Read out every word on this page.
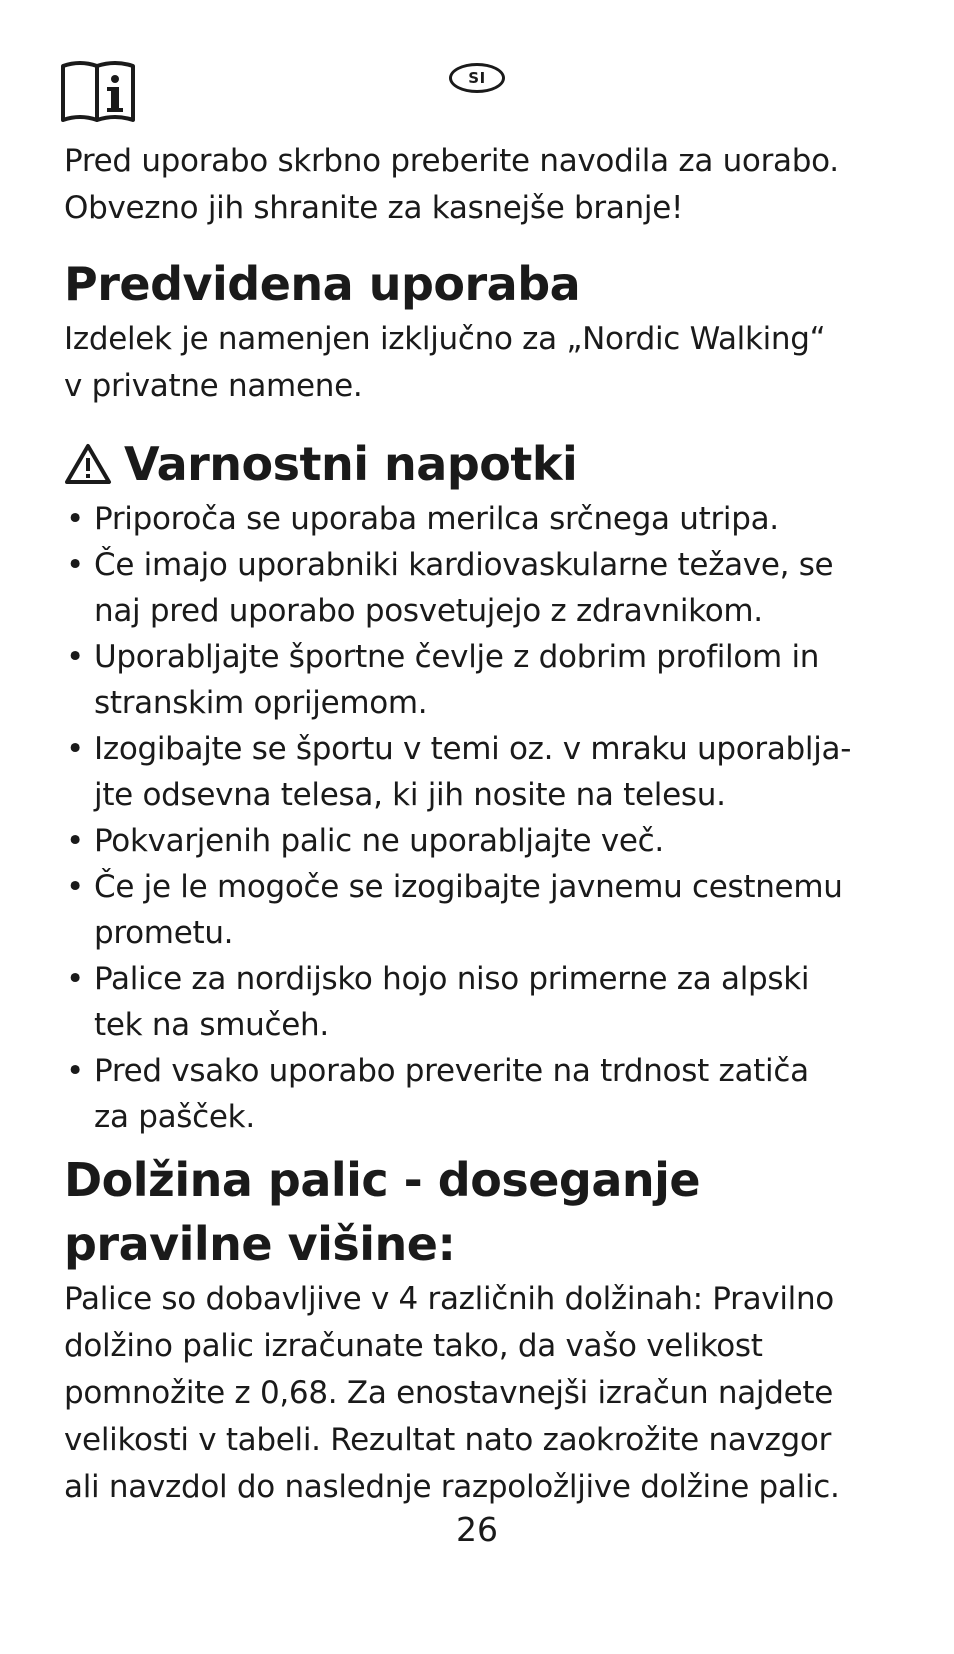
SI

Pred uporabo skrbno preberite navodila za uorabo.

Obvezno jih shranite za kasnejše branje!

Predvidena uporaba

Izdelek je namenjen izključno za „Nordic Walking“

v privatne namene.

Varnostni napotki
• Priporoča se uporaba merilca srčnega utripa.
• Če imajo uporabniki kardiovaskularne težave, se
naj pred uporabo posvetujejo z zdravnikom.
• Uporabljajte športne čevlje z dobrim profilom in
stranskim oprijemom.
• Izogibajte se športu v temi oz. v mraku uporablja-
jte odsevna telesa, ki jih nosite na telesu.
• Pokvarjenih palic ne uporabljajte več.
• Če je le mogoče se izogibajte javnemu cestnemu
prometu.
• Palice za nordijsko hojo niso primerne za alpski
tek na smučeh.
• Pred vsako uporabo preverite na trdnost zatiča
za pašček.
Dolžina palic - doseganje
pravilne višine:

Palice so dobavljive v 4 različnih dolžinah: Pravilno

dolžino palic izračunate tako, da vašo velikost

pomnožite z 0,68. Za enostavnejši izračun najdete

velikosti v tabeli. Rezultat nato zaokrožite navzgor

ali navzdol do naslednje razpoložljive dolžine palic.

26
